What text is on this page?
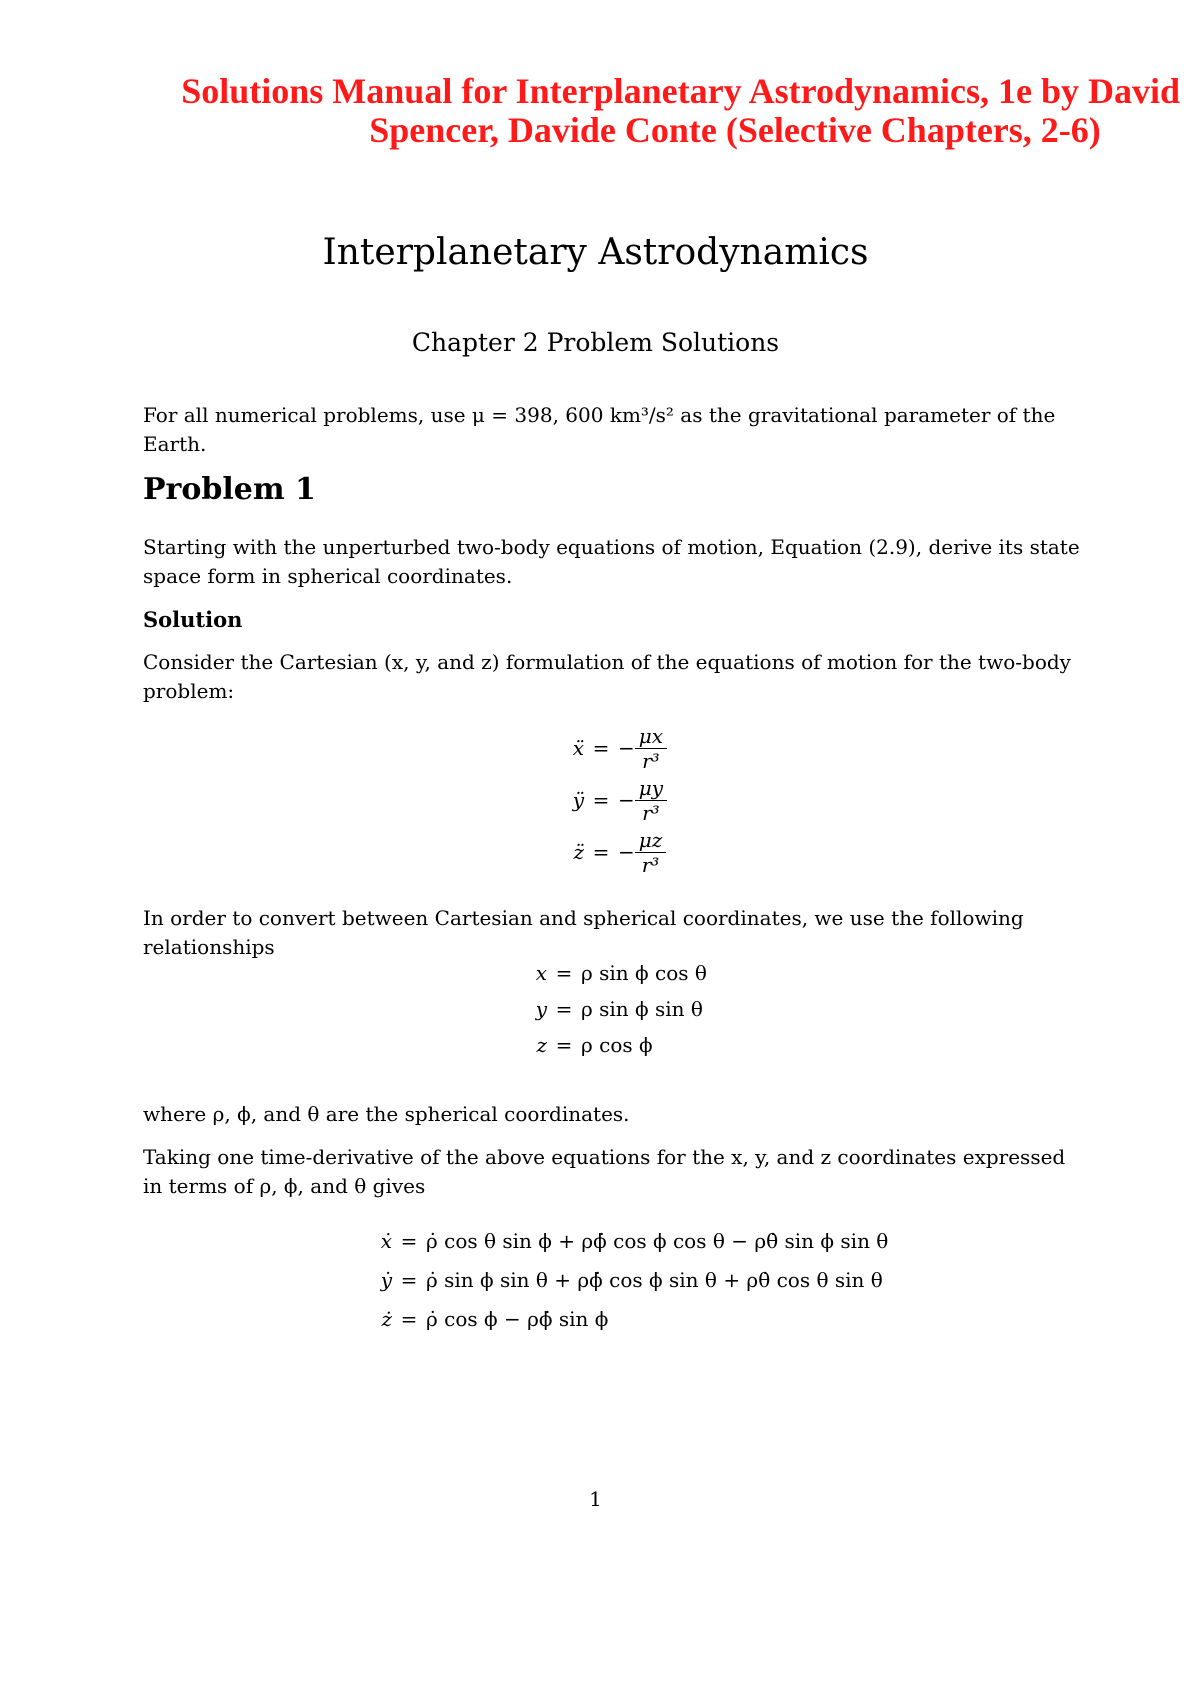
Solutions Manual for Interplanetary Astrodynamics, 1e by David
Spencer, Davide Conte (Selective Chapters, 2-6)
Interplanetary Astrodynamics
Chapter 2 Problem Solutions
For all numerical problems, use μ = 398, 600 km³/s² as the gravitational parameter of the Earth.
Problem 1
Starting with the unperturbed two-body equations of motion, Equation (2.9), derive its state space form in spherical coordinates.
Solution
Consider the Cartesian (x, y, and z) formulation of the equations of motion for the two-body problem:
ẍ = − $\frac{\mu x}{\text{r³}}$
ÿ = − $\frac{\mu y}{\text{r³}}$
z̈ = − $\frac{\mu z}{\text{r³}}$
In order to convert between Cartesian and spherical coordinates, we use the following relationships
x = ρ sin ϕ cos θ
y = ρ sin ϕ sin θ
z = ρ cos ϕ
where ρ, ϕ, and θ are the spherical coordinates.
Taking one time-derivative of the above equations for the x, y, and z coordinates expressed in terms of ρ, ϕ, and θ gives
ẋ = ρ̇ cos θ sin ϕ + ρϕ̇ cos ϕ cos θ − ρθ̇ sin ϕ sin θ
ẏ = ρ̇ sin ϕ sin θ + ρϕ̇ cos ϕ sin θ + ρθ̇ cos θ sin θ
ż = ρ̇ cos ϕ − ρϕ̇ sin ϕ
1
